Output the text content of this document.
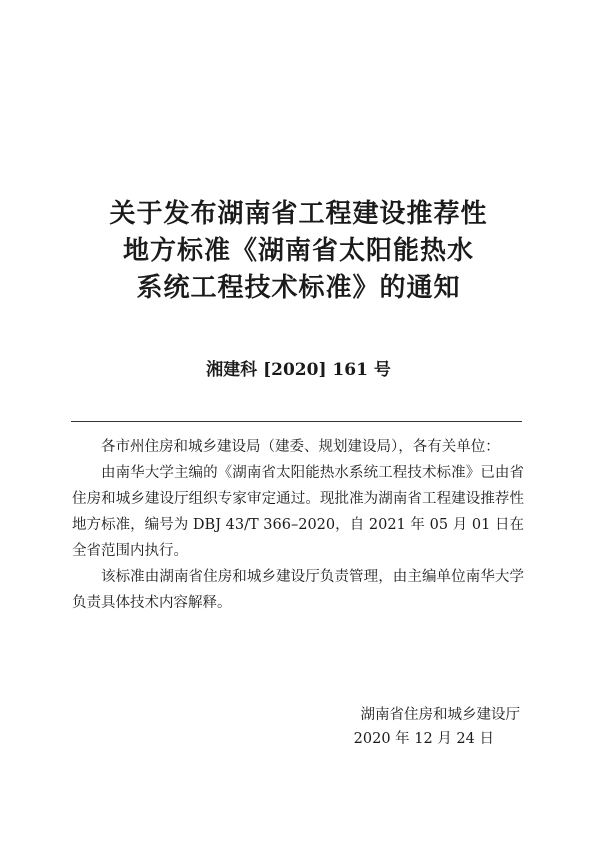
关于发布湖南省工程建设推荐性
地方标准《湖南省太阳能热水
系统工程技术标准》的通知
湘建科 [2020] 161 号

各市州住房和城乡建设局（建委、规划建设局），各有关单位：

由南华大学主编的《湖南省太阳能热水系统工程技术标准》已由省住房和城乡建设厅组织专家审定通过。现批准为湖南省工程建设推荐性地方标准，编号为 DBJ 43/T 366–2020，自 2021 年 05 月 01 日在全省范围内执行。

该标准由湖南省住房和城乡建设厅负责管理，由主编单位南华大学负责具体技术内容解释。

湖南省住房和城乡建设厅
2020 年 12 月 24 日
